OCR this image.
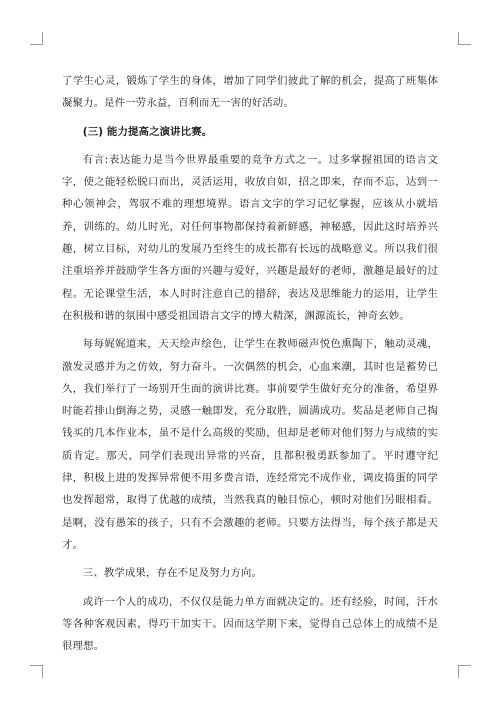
了学生心灵，锻炼了学生的身体，增加了同学们彼此了解的机会，提高了班集体凝聚力。是件一劳永益，百利而无一害的好活动。

(三) 能力提高之演讲比赛。

有言:表达能力是当今世界最重要的竞争方式之一。过多掌握祖国的语言文字，使之能轻松脱口而出，灵活运用，收放自如，招之即来，存而不忘，达到一种心领神会，驾驭不难的理想境界。语言文字的学习记忆掌握，应该从小就培养，训练的。幼儿时光，对任何事物都保持着新鲜感，神秘感，因此这时培养兴趣，树立目标，对幼儿的发展乃至终生的成长都有长远的战略意义。所以我们很注重培养并鼓励学生各方面的兴趣与爱好，兴趣是最好的老师，激趣是最好的过程。无论课堂生活，本人时时注意自己的措辞，表达及思维能力的运用，让学生在积极和谐的氛围中感受祖国语言文字的博大精深，渊源流长，神奇玄妙。

每每娓娓道来，天天绘声绘色，让学生在教师磁声悦色熏陶下，触动灵魂，激发灵感并为之仿效，努力奋斗。一次偶然的机会，心血来潮，其时也是蓄势已久，我们举行了一场别开生面的演讲比赛。事前要学生做好充分的准备，希望界时能若排山倒海之势，灵感一触即发，充分取胜，圆满成功。奖品是老师自己掏钱买的几本作业本，虽不是什么高级的奖励，但却是老师对他们努力与成绩的实质肯定。那天，同学们表现出异常的兴奋，且都积极勇跃参加了。平时遵守纪律，积极上进的发挥异常便不用多费言语，连经常完不成作业，调皮捣蛋的同学也发挥超常，取得了优越的成绩，当然我真的触目惊心，顿时对他们另眼相看。是啊，没有愚笨的孩子，只有不会激趣的老师。只要方法得当，每个孩子都是天才。

三、教学成果，存在不足及努力方向。

或许一个人的成功，不仅仅是能力单方面就决定的。还有经验，时间，汗水等各种客观因素，得巧干加实干。因而这学期下来，觉得自己总体上的成绩不是很理想。
